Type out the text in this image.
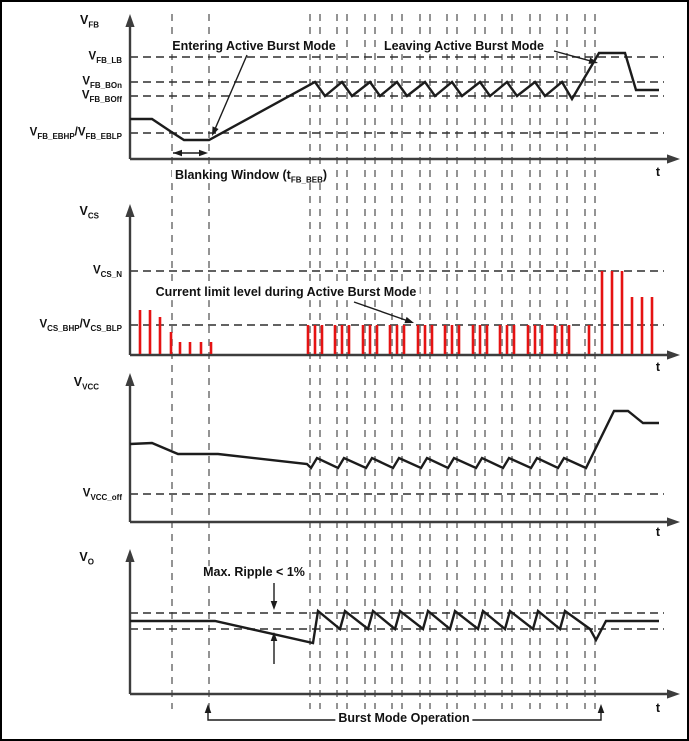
$V_{FB\_LB}$
$V_{FB\_BOn}$
$V_{FB\_BOff}$
$V_{FB\_EBHP}/V_{FB\_EBLP}$
$V_{FB}$
t
Entering Active Burst Mode	Leaving Active Burst Mode
Blanking Window $(t_{FB\_BEB})$
$V_{CS\_N}$
$V_{CS\_BHP}/V_{CS\_BLP}$
$V_{CS}$
t
Current limit level during Active Burst Mode
$V_{VCC\_off}$
$V_{VCC}$
t
$V_O$
t
Max. Ripple < 1%
Burst Mode Operation
